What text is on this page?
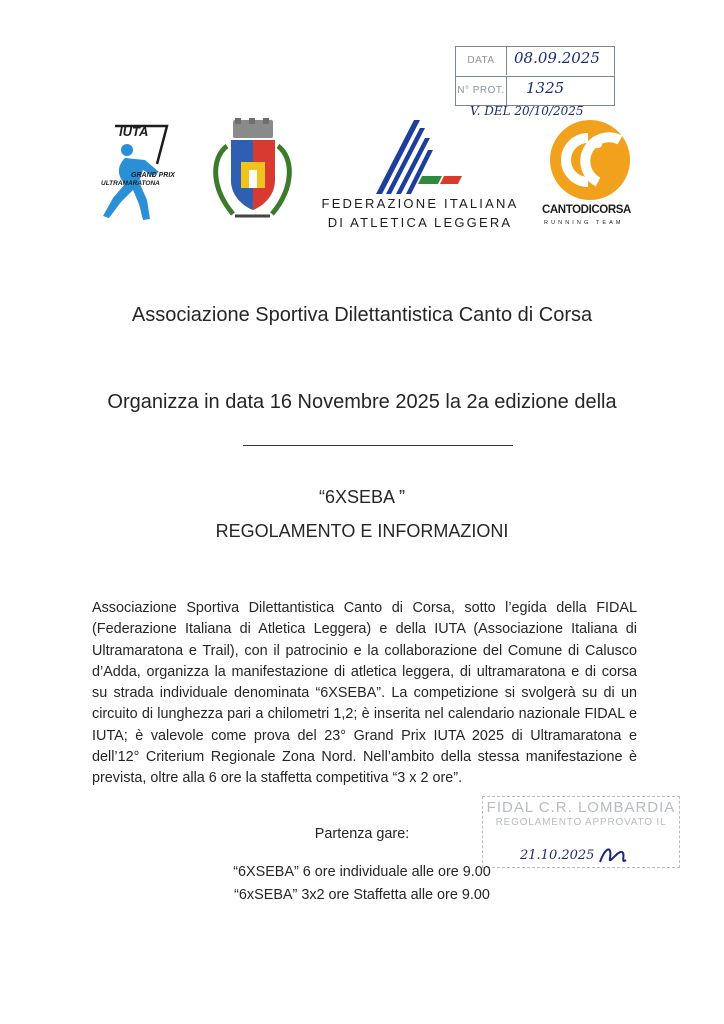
DATA	08.09.2025
N° PROT. 1325
V. DEL 20/10/2025
IUTA
GRAND PRIX
ULTRAMARATONA
FEDERAZIONE ITALIANA
DI ATLETICA LEGGERA
CANTODICORSA
RUNNING TEAM
Associazione Sportiva Dilettantistica Canto di Corsa
Organizza in data 16 Novembre 2025 la 2a edizione della
“6XSEBA ”
REGOLAMENTO E INFORMAZIONI
Associazione Sportiva Dilettantistica Canto di Corsa, sotto l’egida della FIDAL (Federazione Italiana di Atletica Leggera) e della IUTA (Associazione Italiana di Ultramaratona e Trail), con il patrocinio e la collaborazione del Comune di Calusco d’Adda, organizza la manifestazione di atletica leggera, di ultramaratona e di corsa su strada individuale denominata “6XSEBA”. La competizione si svolgerà su di un circuito di lunghezza pari a chilometri 1,2; è inserita nel calendario nazionale FIDAL e IUTA; è valevole come prova del 23° Grand Prix IUTA 2025 di Ultramaratona e dell’12° Criterium Regionale Zona Nord. Nell’ambito della stessa manifestazione è prevista, oltre alla 6 ore la staffetta competitiva “3 x 2 ore”.
FIDAL C.R. LOMBARDIA
REGOLAMENTO APPROVATO IL
21.10.2025
Partenza gare:
“6XSEBA” 6 ore individuale alle ore 9.00
“6xSEBA” 3x2 ore Staffetta alle ore 9.00
